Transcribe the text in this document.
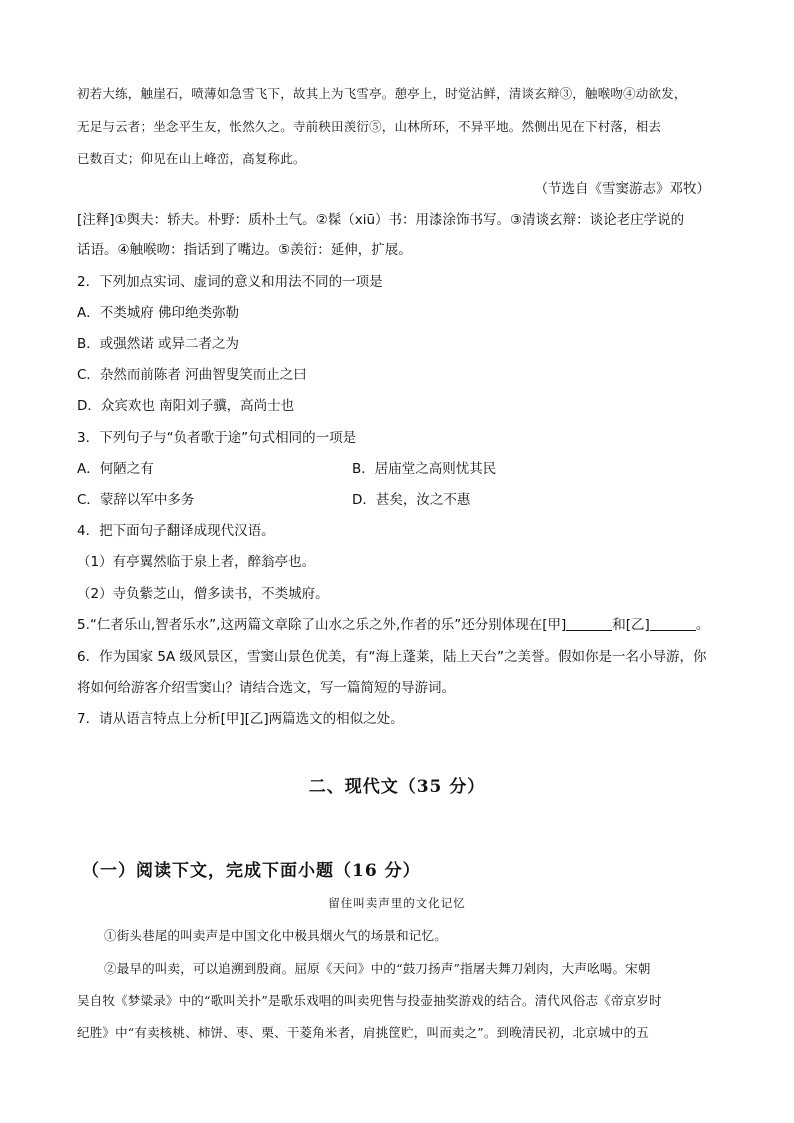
初若大练，触崖石，喷薄如急雪飞下，故其上为飞雪亭。憩亭上，时觉沾鲜，清谈玄辩③，触喉吻④动欲发，
无足与云者；坐念平生友，怅然久之。寺前秧田羡衍⑤，山林所环，不异平地。然侧出见在下村落，相去
已数百丈；仰见在山上峰峦，高复称此。
（节选自《雪窦游志》邓牧）
[注释]①舆夫：轿夫。朴野：质朴土气。②髹（xiū）书：用漆涂饰书写。③清谈玄辩：谈论老庄学说的
话语。④触喉吻：指话到了嘴边。⑤羡衍：延伸，扩展。
2．下列加点实词、虚词的意义和用法不同的一项是
A．不类城府 佛印绝类弥勒
B．或强然诺 或异二者之为
C．杂然而前陈者 河曲智叟笑而止之曰
D．众宾欢也 南阳刘子骥，高尚士也
3．下列句子与“负者歌于途”句式相同的一项是
A．何陋之有	B．居庙堂之高则忧其民
C．蒙辞以军中多务	D．甚矣，汝之不惠
4．把下面句子翻译成现代汉语。
（1）有亭翼然临于泉上者，醉翁亭也。
（2）寺负紫芝山，僧多读书，不类城府。
5.“仁者乐山,智者乐水”,这两篇文章除了山水之乐之外,作者的乐”还分别体现在[甲]	和[乙]	。
6．作为国家 5A 级风景区，雪窦山景色优美，有“海上蓬莱，陆上天台”之美誉。假如你是一名小导游，你
将如何给游客介绍雪窦山？请结合选文，写一篇简短的导游词。
7．请从语言特点上分析[甲][乙]两篇选文的相似之处。
二、现代文（35 分）
（一）阅读下文，完成下面小题（16 分）
留住叫卖声里的文化记忆
①街头巷尾的叫卖声是中国文化中极具烟火气的场景和记忆。
②最早的叫卖，可以追溯到殷商。屈原《天问》中的“鼓刀扬声”指屠夫舞刀剁肉，大声吆喝。宋朝
吴自牧《梦粱录》中的“歌叫关扑”是歌乐戏唱的叫卖兜售与投壶抽奖游戏的结合。清代风俗志《帝京岁时
纪胜》中“有卖核桃、柿饼、枣、栗、干菱角米者，肩挑筐贮，叫而卖之”。到晚清民初，北京城中的五
